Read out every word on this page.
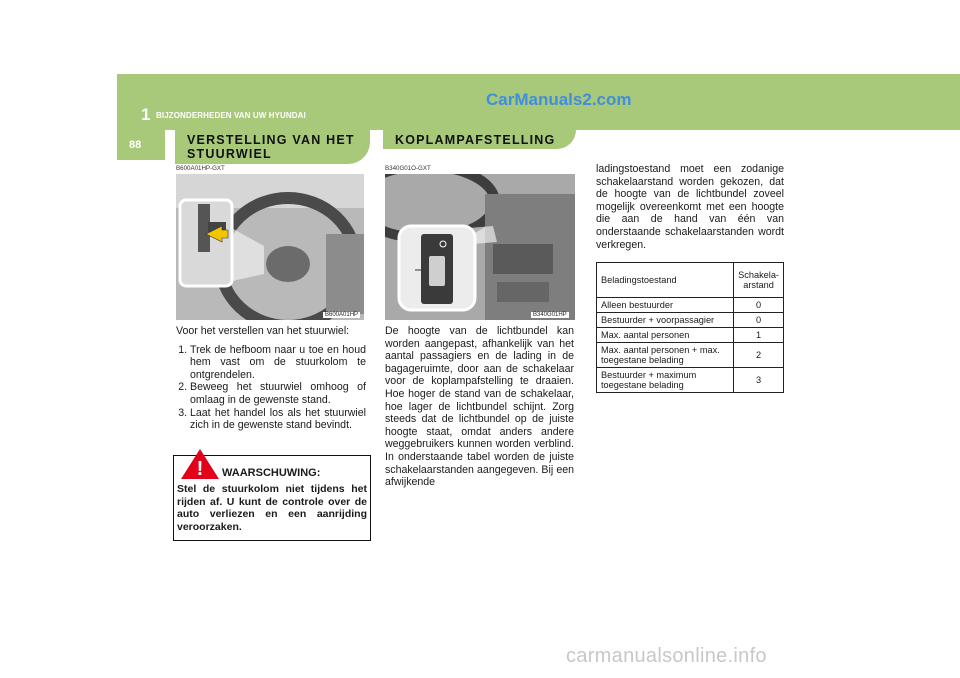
1 BIJZONDERHEDEN VAN UW HYUNDAI
CarManuals2.com
88	VERSTELLING VAN HET STUURWIEL
KOPLAMPAFSTELLING
B600A01HP-GXT
B600A01HP

Voor het verstellen van het stuurwiel:

1. Trek de hefboom naar u toe en houd hem vast om de stuurkolom te ontgrendelen.
2. Beweeg het stuurwiel omhoog of omlaag in de gewenste stand.
3. Laat het handel los als het stuurwiel zich in de gewenste stand bevindt.
WAARSCHUWING:
Stel de stuurkolom niet tijdens het rijden af. U kunt de controle over de auto verliezen en een aanrijding veroorzaken.
!
B340G01O-GXT
B340G01HP
De hoogte van de lichtbundel kan worden aangepast, afhankelijk van het aantal passagiers en de lading in de bagageruimte, door aan de schakelaar voor de koplampafstelling te draaien. Hoe hoger de stand van de schakelaar, hoe lager de lichtbundel schijnt. Zorg steeds dat de lichtbundel op de juiste hoogte staat, omdat anders andere weggebruikers kunnen worden verblind. In onderstaande tabel worden de juiste schakelaarstanden aangegeven. Bij een afwijkende
ladingstoestand moet een zodanige schakelaarstand worden gekozen, dat de hoogte van de lichtbundel zoveel mogelijk overeenkomt met een hoogte die aan de hand van één van onderstaande schakelaarstanden wordt verkregen.
Beladingstoestand	Schakela-
arstand

Alleen bestuurder	0
Bestuurder + voorpassagier	0
Max. aantal personen	1

Max. aantal personen + max.
toegestane belading	2

Bestuurder + maximum
toegestane belading	3
carmanualsonline.info
